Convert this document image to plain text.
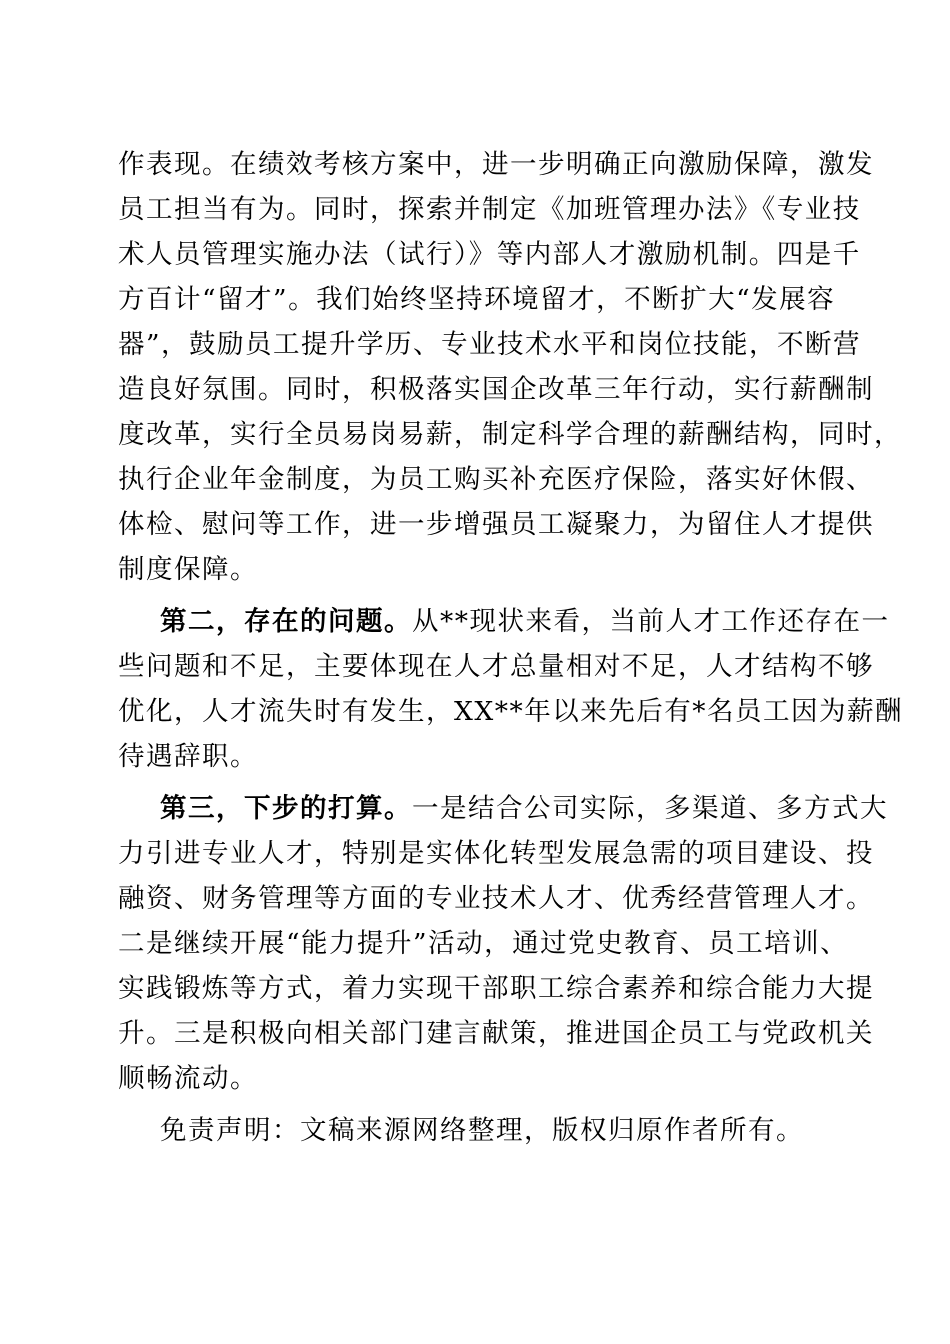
作表现。在绩效考核方案中，进一步明确正向激励保障，激发
员工担当有为。同时，探索并制定《加班管理办法》《专业技
术人员管理实施办法（试行）》等内部人才激励机制。四是千
方百计“留才”。我们始终坚持环境留才，不断扩大“发展容
器”，鼓励员工提升学历、专业技术水平和岗位技能，不断营
造良好氛围。同时，积极落实国企改革三年行动，实行薪酬制
度改革，实行全员易岗易薪，制定科学合理的薪酬结构，同时，
执行企业年金制度，为员工购买补充医疗保险，落实好休假、
体检、慰问等工作，进一步增强员工凝聚力，为留住人才提供
制度保障。
第二，存在的问题。从**现状来看，当前人才工作还存在一
些问题和不足，主要体现在人才总量相对不足，人才结构不够
优化，人才流失时有发生，XX**年以来先后有*名员工因为薪酬
待遇辞职。
第三，下步的打算。一是结合公司实际，多渠道、多方式大
力引进专业人才，特别是实体化转型发展急需的项目建设、投
融资、财务管理等方面的专业技术人才、优秀经营管理人才。
二是继续开展“能力提升”活动，通过党史教育、员工培训、
实践锻炼等方式，着力实现干部职工综合素养和综合能力大提
升。三是积极向相关部门建言献策，推进国企员工与党政机关
顺畅流动。
免责声明：文稿来源网络整理，版权归原作者所有。
